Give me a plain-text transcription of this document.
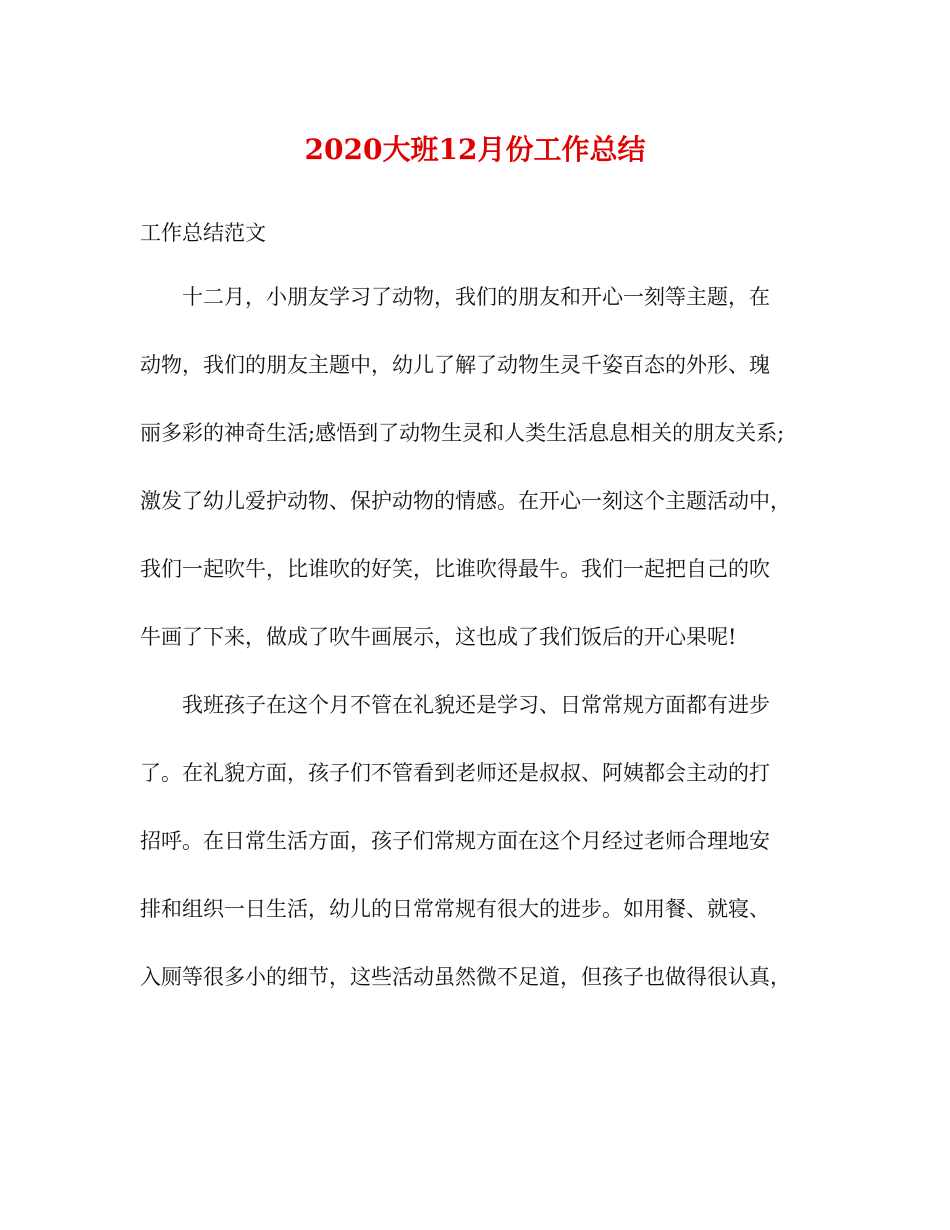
2020大班12月份工作总结

工作总结范文

十二月，小朋友学习了动物，我们的朋友和开心一刻等主题，在

动物，我们的朋友主题中，幼儿了解了动物生灵千姿百态的外形、瑰

丽多彩的神奇生活;感悟到了动物生灵和人类生活息息相关的朋友关系;

激发了幼儿爱护动物、保护动物的情感。在开心一刻这个主题活动中，

我们一起吹牛，比谁吹的好笑，比谁吹得最牛。我们一起把自己的吹

牛画了下来，做成了吹牛画展示，这也成了我们饭后的开心果呢!

我班孩子在这个月不管在礼貌还是学习、日常常规方面都有进步

了。在礼貌方面，孩子们不管看到老师还是叔叔、阿姨都会主动的打

招呼。在日常生活方面，孩子们常规方面在这个月经过老师合理地安

排和组织一日生活，幼儿的日常常规有很大的进步。如用餐、就寝、

入厕等很多小的细节，这些活动虽然微不足道，但孩子也做得很认真，
